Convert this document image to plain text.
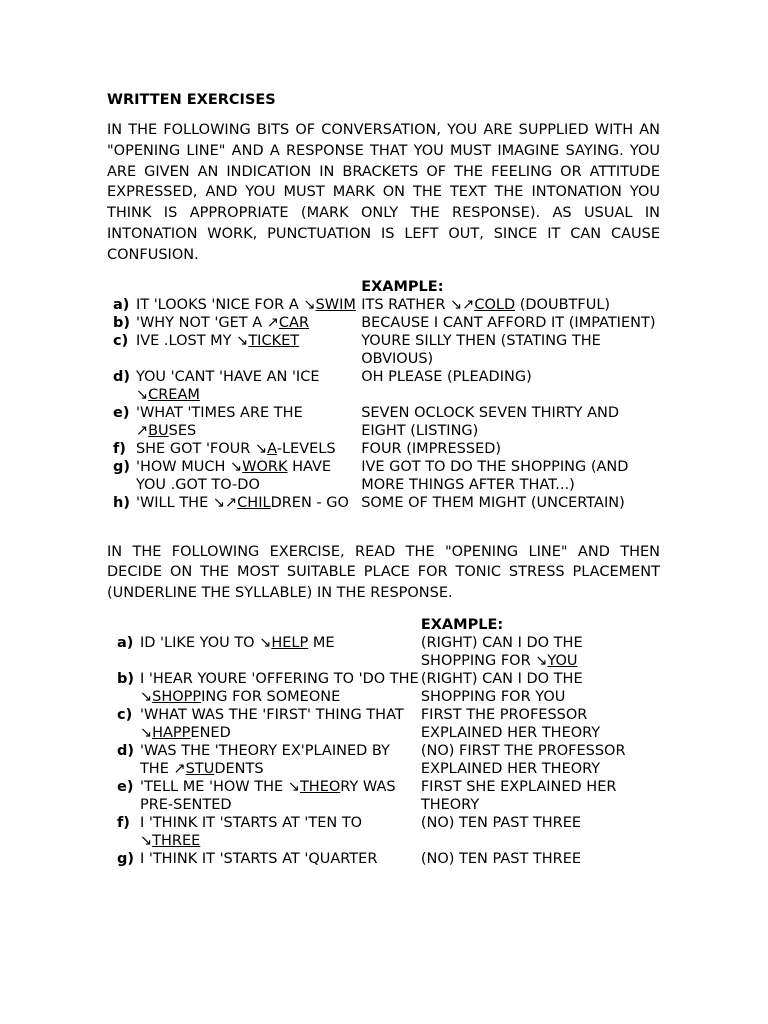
WRITTEN EXERCISES

IN THE FOLLOWING BITS OF CONVERSATION, YOU ARE SUPPLIED WITH AN "OPENING LINE" AND A RESPONSE THAT YOU MUST IMAGINE SAYING. YOU ARE GIVEN AN INDICATION IN BRACKETS OF THE FEELING OR ATTITUDE EXPRESSED, AND YOU MUST MARK ON THE TEXT THE INTONATION YOU THINK IS APPROPRIATE (MARK ONLY THE RESPONSE). AS USUAL IN INTONATION WORK, PUNCTUATION IS LEFT OUT, SINCE IT CAN CAUSE CONFUSION.

		EXAMPLE:
a)	IT 'LOOKS 'NICE FOR A ↘SWIM	ITS RATHER ↘↗COLD (DOUBTFUL)
b)	'WHY NOT 'GET A ↗CAR	BECAUSE I CANT AFFORD IT (IMPATIENT)
c)	IVE .LOST MY ↘TICKET	YOURE SILLY THEN (STATING THE OBVIOUS)
d)	YOU 'CANT 'HAVE AN 'ICE ↘CREAM	OH PLEASE (PLEADING)
e)	'WHAT 'TIMES ARE THE ↗BUSES	SEVEN OCLOCK SEVEN THIRTY AND EIGHT (LISTING)
f)	SHE GOT 'FOUR ↘A-LEVELS	FOUR (IMPRESSED)
g)	'HOW MUCH ↘WORK HAVE YOU .GOT TO-DO	IVE GOT TO DO THE SHOPPING (AND MORE THINGS AFTER THAT...)
h)	'WILL THE ↘↗CHILDREN - GO	SOME OF THEM MIGHT (UNCERTAIN)

IN THE FOLLOWING EXERCISE, READ THE "OPENING LINE" AND THEN DECIDE ON THE MOST SUITABLE PLACE FOR TONIC STRESS PLACEMENT (UNDERLINE THE SYLLABLE) IN THE RESPONSE.

		EXAMPLE:
a)	ID 'LIKE YOU TO ↘HELP ME	(RIGHT) CAN I DO THE SHOPPING FOR ↘YOU
b)	I 'HEAR YOURE 'OFFERING TO 'DO THE ↘SHOPPING FOR SOMEONE	(RIGHT) CAN I DO THE SHOPPING FOR YOU
c)	'WHAT WAS THE 'FIRST' THING THAT ↘HAPPENED	FIRST THE PROFESSOR EXPLAINED HER THEORY
d)	'WAS THE 'THEORY EX'PLAINED BY THE ↗STUDENTS	(NO) FIRST THE PROFESSOR EXPLAINED HER THEORY
e)	'TELL ME 'HOW THE ↘THEORY WAS PRE-SENTED	FIRST SHE EXPLAINED HER THEORY
f)	I 'THINK IT 'STARTS AT 'TEN TO ↘THREE	(NO) TEN PAST THREE
g)	I 'THINK IT 'STARTS AT 'QUARTER	(NO) TEN PAST THREE
